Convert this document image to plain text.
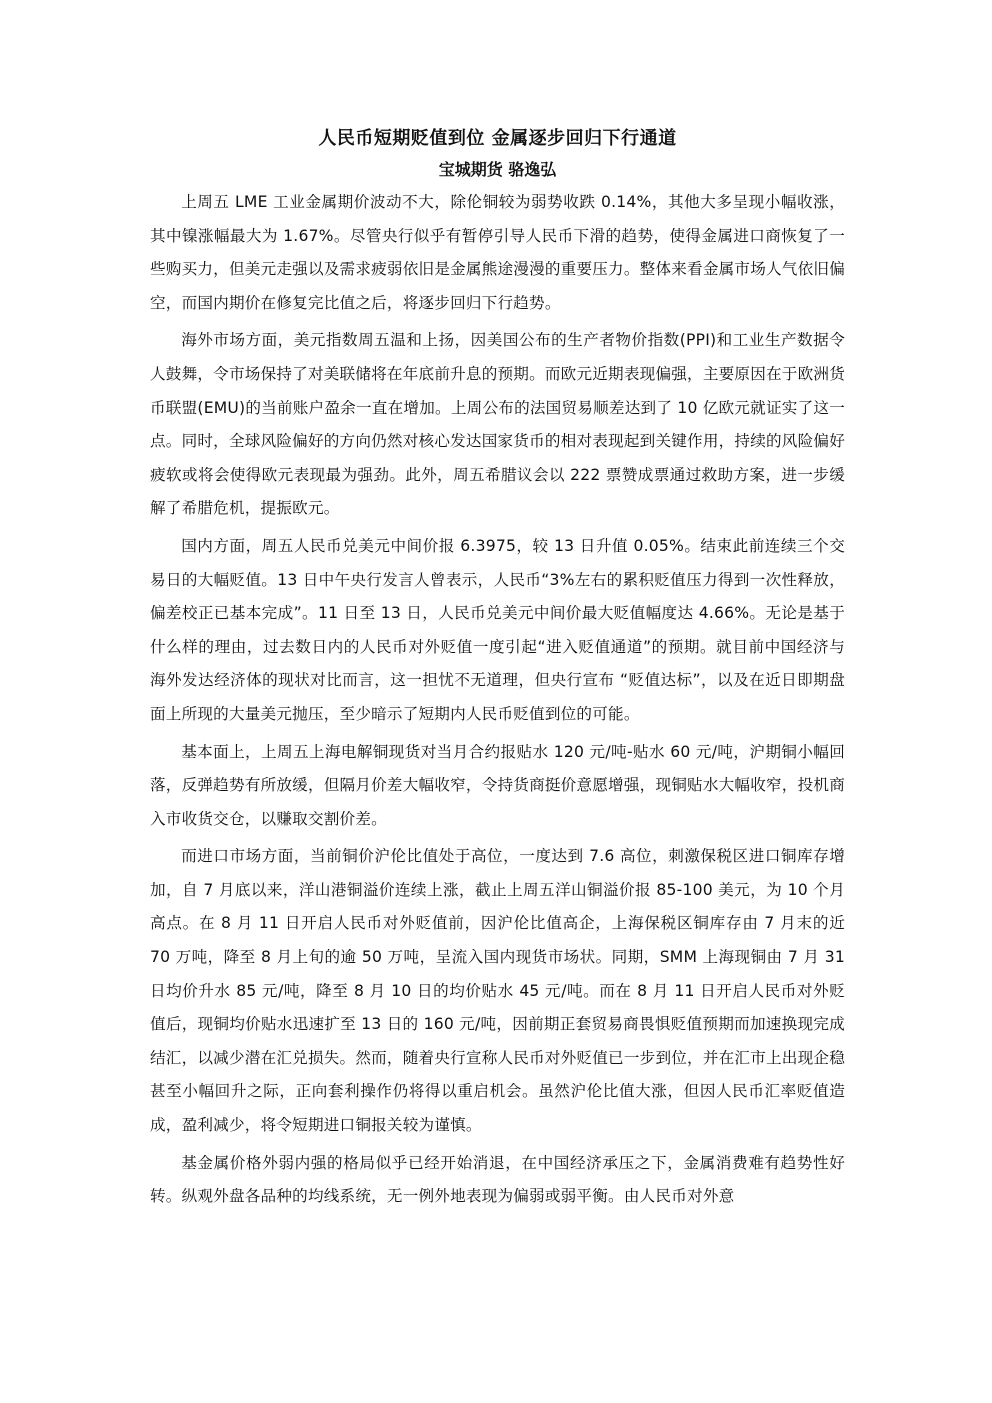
人民币短期贬值到位 金属逐步回归下行通道
宝城期货 骆逸弘

上周五 LME 工业金属期价波动不大，除伦铜较为弱势收跌 0.14%，其他大多呈现小幅收涨，其中镍涨幅最大为 1.67%。尽管央行似乎有暂停引导人民币下滑的趋势，使得金属进口商恢复了一些购买力，但美元走强以及需求疲弱依旧是金属熊途漫漫的重要压力。整体来看金属市场人气依旧偏空，而国内期价在修复完比值之后，将逐步回归下行趋势。

海外市场方面，美元指数周五温和上扬，因美国公布的生产者物价指数(PPI)和工业生产数据令人鼓舞，令市场保持了对美联储将在年底前升息的预期。而欧元近期表现偏强，主要原因在于欧洲货币联盟(EMU)的当前账户盈余一直在增加。上周公布的法国贸易顺差达到了 10 亿欧元就证实了这一点。同时，全球风险偏好的方向仍然对核心发达国家货币的相对表现起到关键作用，持续的风险偏好疲软或将会使得欧元表现最为强劲。此外，周五希腊议会以 222 票赞成票通过救助方案，进一步缓解了希腊危机，提振欧元。

国内方面，周五人民币兑美元中间价报 6.3975，较 13 日升值 0.05%。结束此前连续三个交易日的大幅贬值。13 日中午央行发言人曾表示，人民币“3%左右的累积贬值压力得到一次性释放，偏差校正已基本完成”。11 日至 13 日，人民币兑美元中间价最大贬值幅度达 4.66%。无论是基于什么样的理由，过去数日内的人民币对外贬值一度引起“进入贬值通道”的预期。就目前中国经济与海外发达经济体的现状对比而言，这一担忧不无道理，但央行宣布 “贬值达标”，以及在近日即期盘面上所现的大量美元抛压，至少暗示了短期内人民币贬值到位的可能。

基本面上，上周五上海电解铜现货对当月合约报贴水 120 元/吨-贴水 60 元/吨，沪期铜小幅回落，反弹趋势有所放缓，但隔月价差大幅收窄，令持货商挺价意愿增强，现铜贴水大幅收窄，投机商入市收货交仓，以赚取交割价差。

而进口市场方面，当前铜价沪伦比值处于高位，一度达到 7.6 高位，刺激保税区进口铜库存增加，自 7 月底以来，洋山港铜溢价连续上涨，截止上周五洋山铜溢价报 85-100 美元，为 10 个月高点。在 8 月 11 日开启人民币对外贬值前，因沪伦比值高企，上海保税区铜库存由 7 月末的近 70 万吨，降至 8 月上旬的逾 50 万吨，呈流入国内现货市场状。同期，SMM 上海现铜由 7 月 31 日均价升水 85 元/吨，降至 8 月 10 日的均价贴水 45 元/吨。而在 8 月 11 日开启人民币对外贬值后，现铜均价贴水迅速扩至 13 日的 160 元/吨，因前期正套贸易商畏惧贬值预期而加速换现完成结汇，以减少潜在汇兑损失。然而，随着央行宣称人民币对外贬值已一步到位，并在汇市上出现企稳甚至小幅回升之际，正向套利操作仍将得以重启机会。虽然沪伦比值大涨，但因人民币汇率贬值造成，盈利减少，将令短期进口铜报关较为谨慎。

基金属价格外弱内强的格局似乎已经开始消退，在中国经济承压之下，金属消费难有趋势性好转。纵观外盘各品种的均线系统，无一例外地表现为偏弱或弱平衡。由人民币对外意
